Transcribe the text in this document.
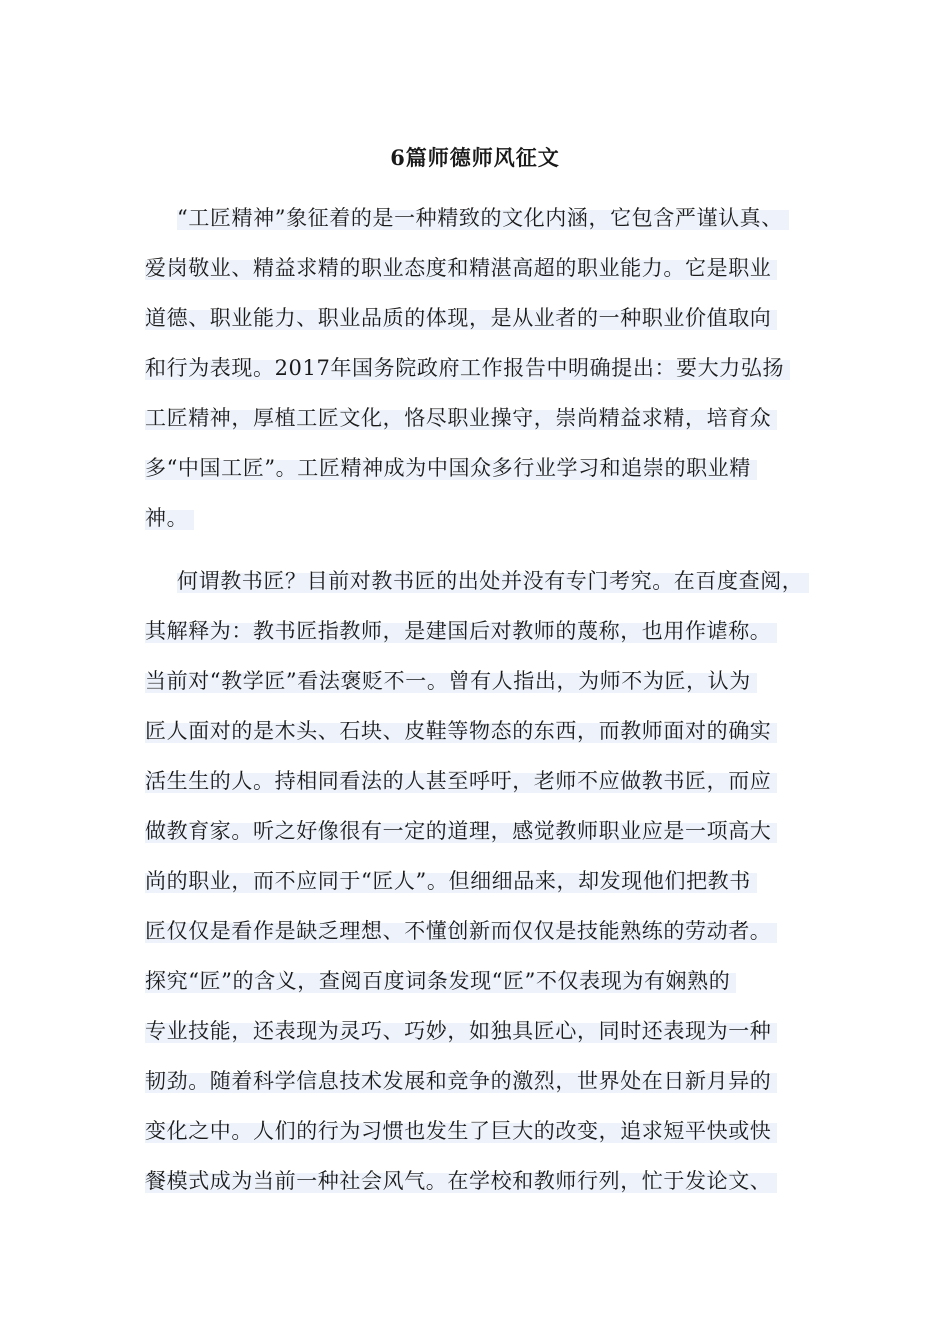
6篇师德师风征文
“工匠精神”象征着的是一种精致的文化内涵，它包含严谨认真、
爱岗敬业、精益求精的职业态度和精湛高超的职业能力。它是职业
道德、职业能力、职业品质的体现，是从业者的一种职业价值取向
和行为表现。2017年国务院政府工作报告中明确提出：要大力弘扬
工匠精神，厚植工匠文化，恪尽职业操守，崇尚精益求精，培育众
多“中国工匠”。工匠精神成为中国众多行业学习和追崇的职业精
神。
何谓教书匠？目前对教书匠的出处并没有专门考究。在百度查阅，
其解释为：教书匠指教师，是建国后对教师的蔑称，也用作谑称。
当前对“教学匠”看法褒贬不一。曾有人指出，为师不为匠，认为
匠人面对的是木头、石块、皮鞋等物态的东西，而教师面对的确实
活生生的人。持相同看法的人甚至呼吁，老师不应做教书匠，而应
做教育家。听之好像很有一定的道理，感觉教师职业应是一项高大
尚的职业，而不应同于“匠人”。但细细品来，却发现他们把教书
匠仅仅是看作是缺乏理想、不懂创新而仅仅是技能熟练的劳动者。
探究“匠”的含义，查阅百度词条发现“匠”不仅表现为有娴熟的
专业技能，还表现为灵巧、巧妙，如独具匠心，同时还表现为一种
韧劲。随着科学信息技术发展和竞争的激烈，世界处在日新月异的
变化之中。人们的行为习惯也发生了巨大的改变，追求短平快或快
餐模式成为当前一种社会风气。在学校和教师行列，忙于发论文、
